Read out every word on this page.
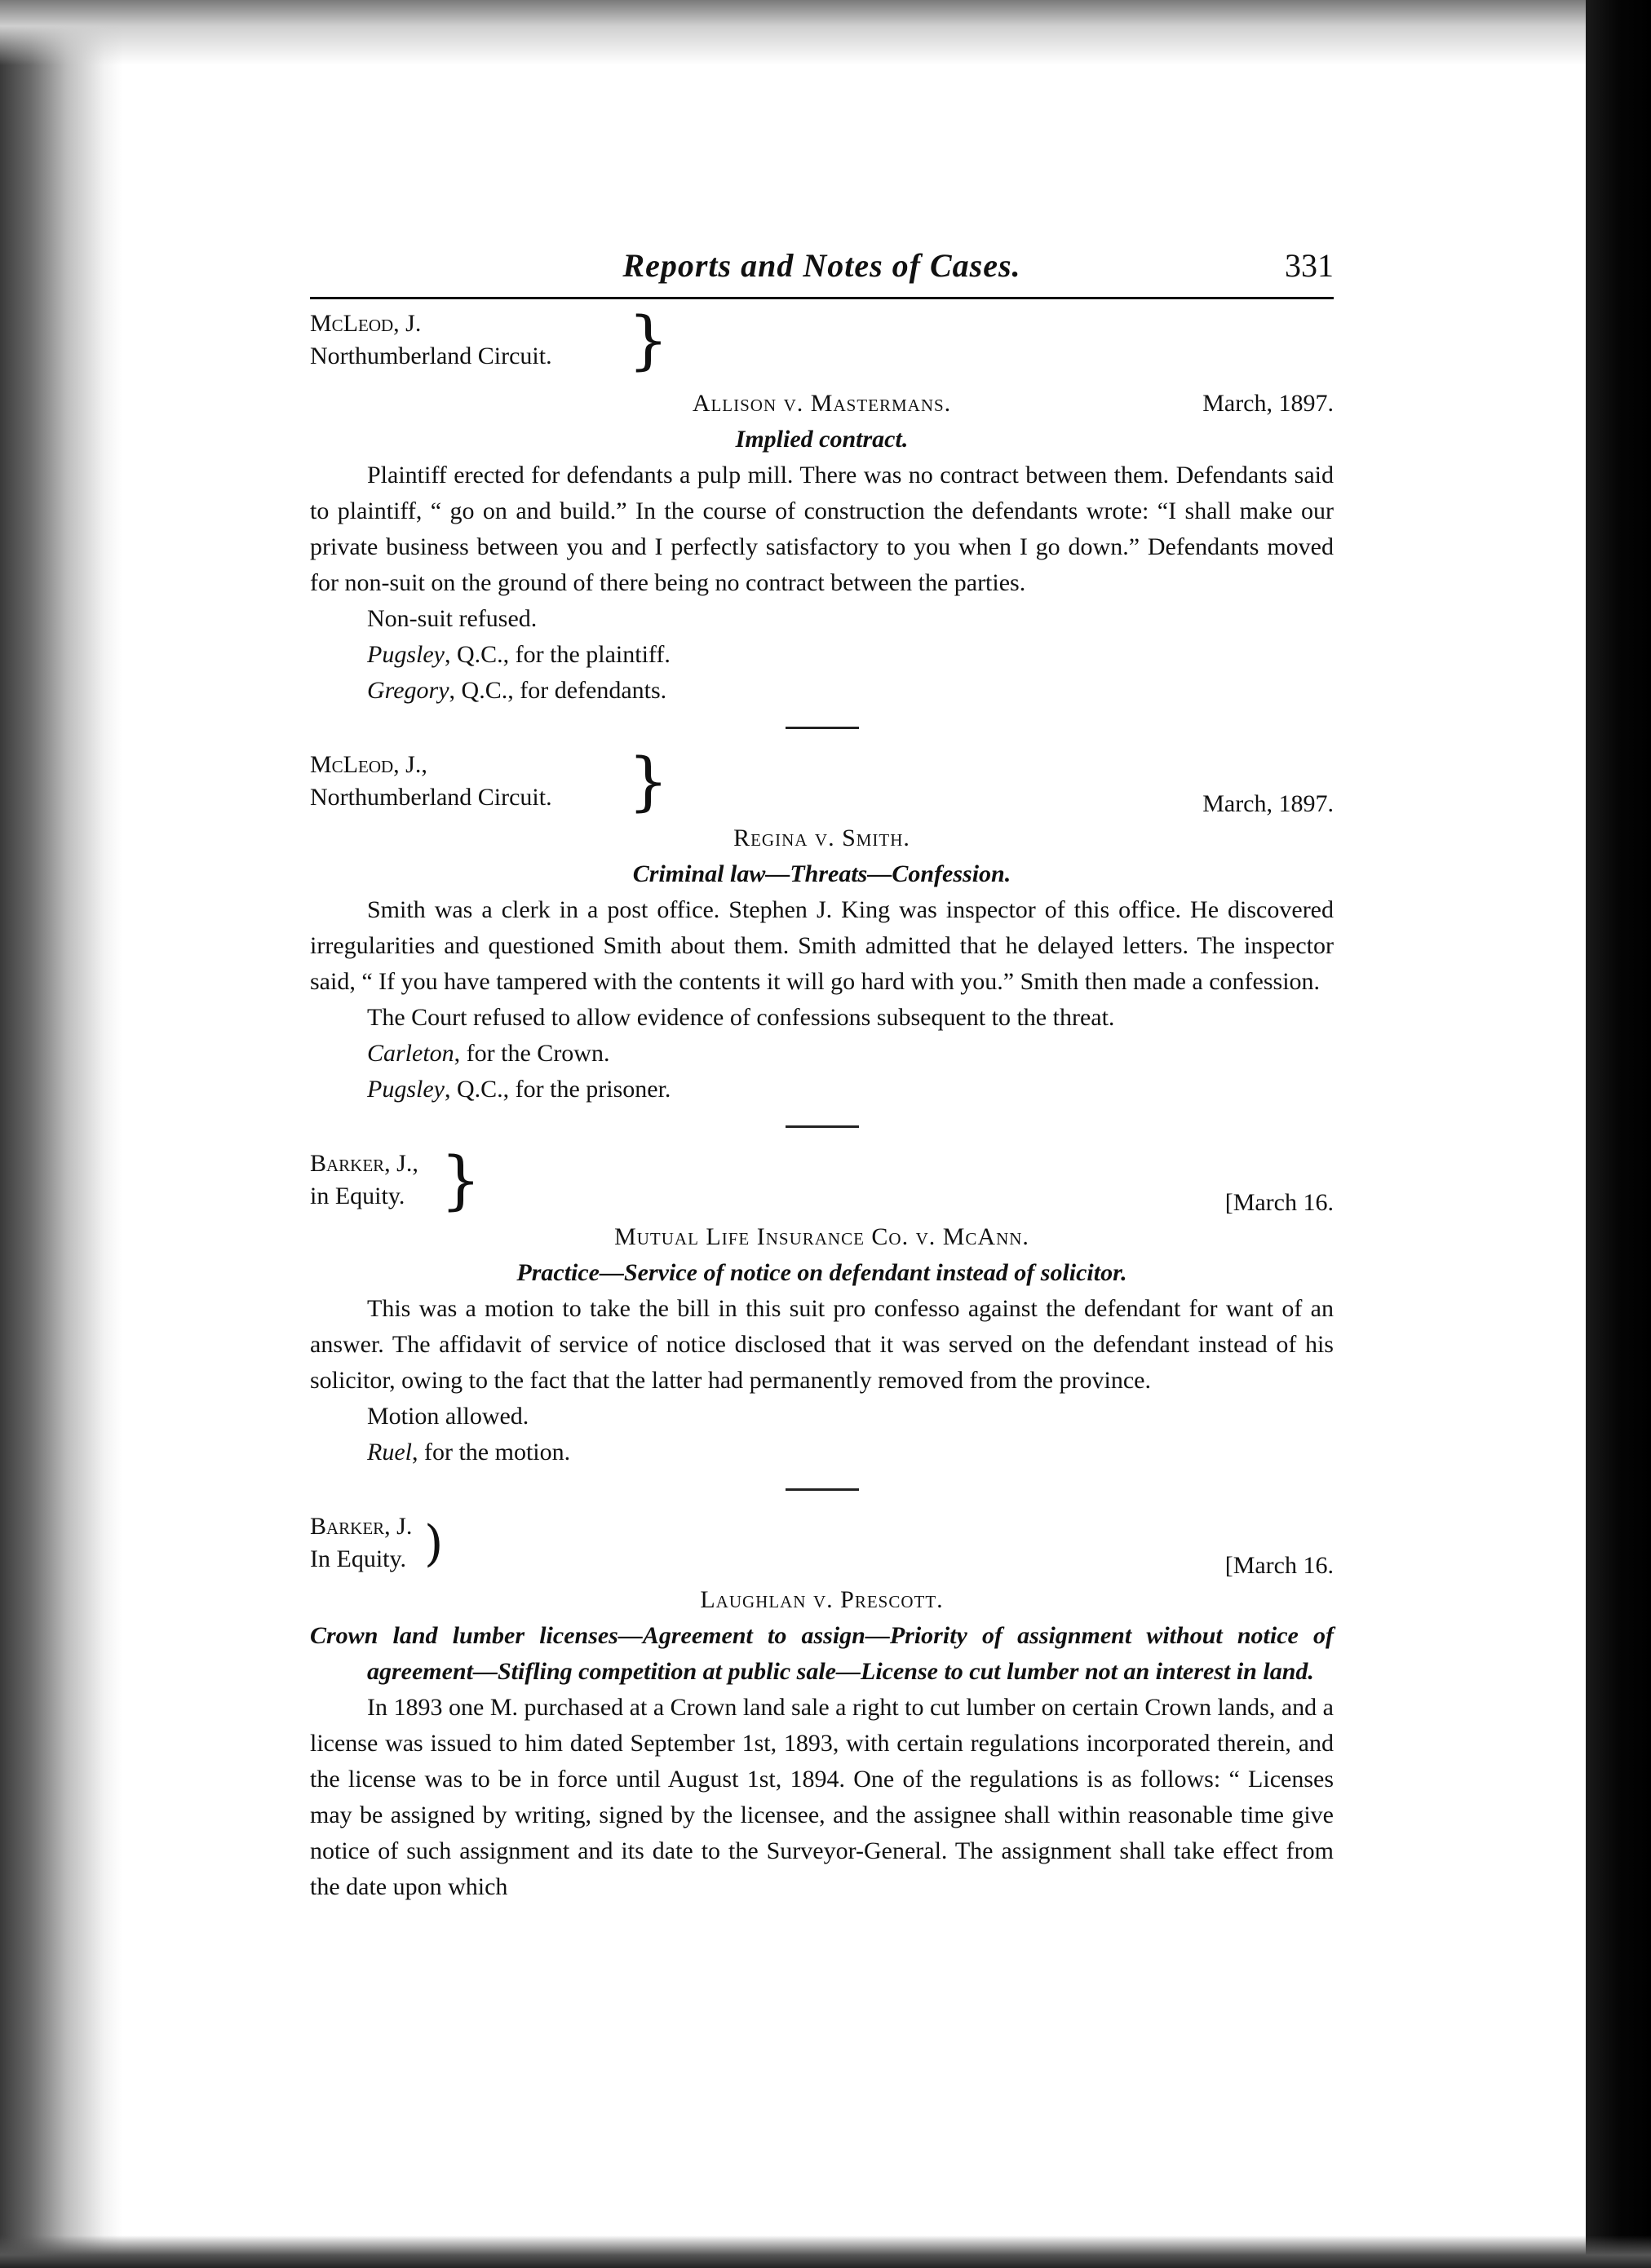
Reports and Notes of Cases.	331
McLeod, J.
Northumberland Circuit. }
Allison v. Mastermans.	March, 1897.
Implied contract.

Plaintiff erected for defendants a pulp mill. There was no contract between them. Defendants said to plaintiff, “ go on and build.” In the course of construction the defendants wrote: “I shall make our private business between you and I perfectly satisfactory to you when I go down.” Defendants moved for non-suit on the ground of there being no contract between the parties.

Non-suit refused.
Pugsley, Q.C., for the plaintiff.
Gregory, Q.C., for defendants.
McLeod, J.,
Northumberland Circuit. }	March, 1897.
Regina v. Smith.
Criminal law—Threats—Confession.

Smith was a clerk in a post office. Stephen J. King was inspector of this office. He discovered irregularities and questioned Smith about them. Smith admitted that he delayed letters. The inspector said, “ If you have tampered with the contents it will go hard with you.” Smith then made a confession.

The Court refused to allow evidence of confessions subsequent to the threat.
Carleton, for the Crown.
Pugsley, Q.C., for the prisoner.
Barker, J.,
in Equity. }	[March 16.
Mutual Life Insurance Co. v. McAnn.
Practice—Service of notice on defendant instead of solicitor.

This was a motion to take the bill in this suit pro confesso against the defendant for want of an answer. The affidavit of service of notice disclosed that it was served on the defendant instead of his solicitor, owing to the fact that the latter had permanently removed from the province.

Motion allowed.
Ruel, for the motion.
Barker, J.
In Equity. )	[March 16.
Laughlan v. Prescott.
Crown land lumber licenses—Agreement to assign—Priority of assignment without notice of agreement—Stifling competition at public sale—License to cut lumber not an interest in land.

In 1893 one M. purchased at a Crown land sale a right to cut lumber on certain Crown lands, and a license was issued to him dated September 1st, 1893, with certain regulations incorporated therein, and the license was to be in force until August 1st, 1894. One of the regulations is as follows: “ Licenses may be assigned by writing, signed by the licensee, and the assignee shall within reasonable time give notice of such assignment and its date to the Surveyor-General. The assignment shall take effect from the date upon which
